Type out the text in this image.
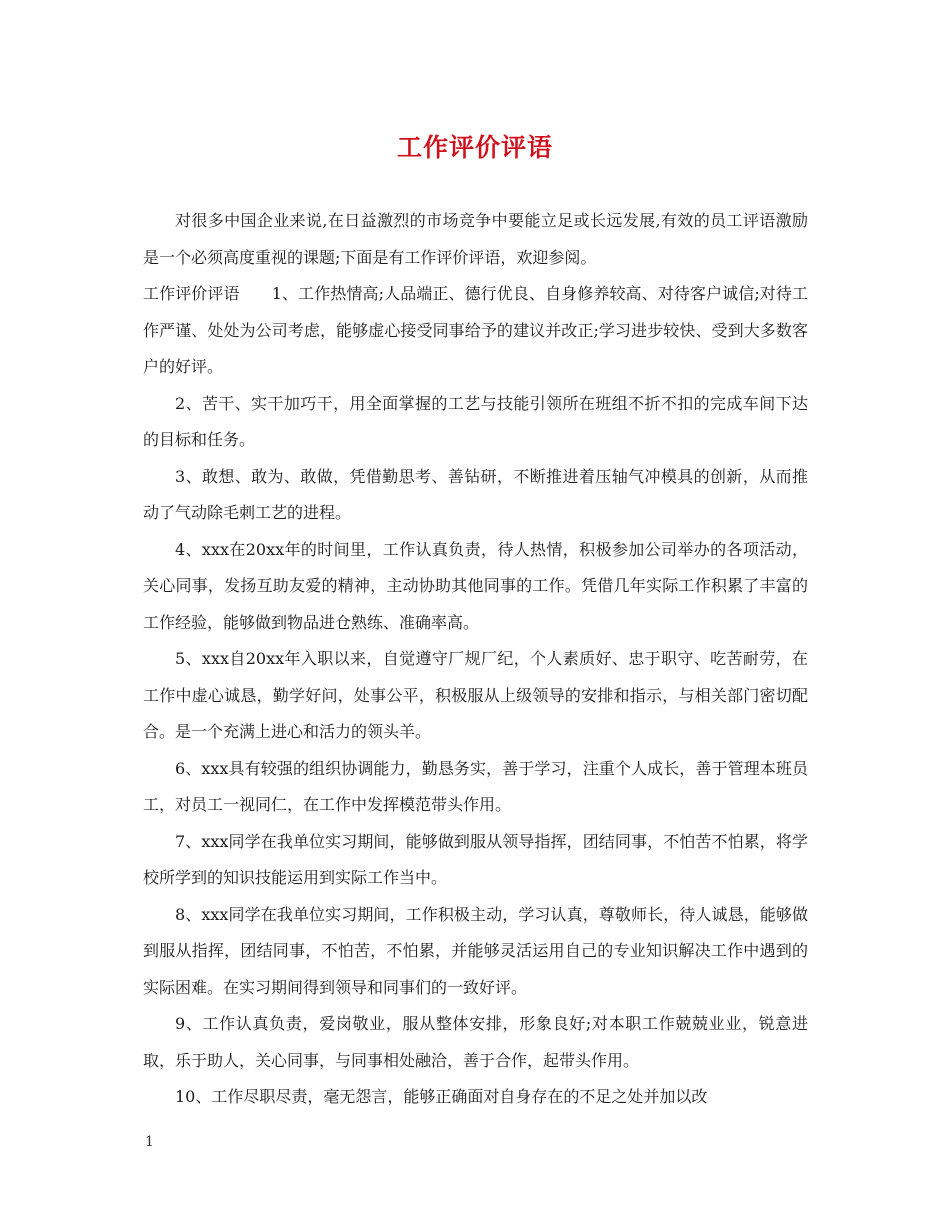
工作评价评语

对很多中国企业来说,在日益激烈的市场竞争中要能立足或长远发展,有效的员工评语激励是一个必须高度重视的课题;下面是有工作评价评语，欢迎参阅。

工作评价评语　　1、工作热情高;人品端正、德行优良、自身修养较高、对待客户诚信;对待工作严谨、处处为公司考虑，能够虚心接受同事给予的建议并改正;学习进步较快、受到大多数客户的好评。

2、苦干、实干加巧干，用全面掌握的工艺与技能引领所在班组不折不扣的完成车间下达的目标和任务。

3、敢想、敢为、敢做，凭借勤思考、善钻研，不断推进着压轴气冲模具的创新，从而推动了气动除毛刺工艺的进程。

4、xxx在20xx年的时间里，工作认真负责，待人热情，积极参加公司举办的各项活动，关心同事，发扬互助友爱的精神，主动协助其他同事的工作。凭借几年实际工作积累了丰富的工作经验，能够做到物品进仓熟练、准确率高。

5、xxx自20xx年入职以来，自觉遵守厂规厂纪，个人素质好、忠于职守、吃苦耐劳，在工作中虚心诚恳，勤学好问，处事公平，积极服从上级领导的安排和指示，与相关部门密切配合。是一个充满上进心和活力的领头羊。

6、xxx具有较强的组织协调能力，勤恳务实，善于学习，注重个人成长，善于管理本班员工，对员工一视同仁，在工作中发挥模范带头作用。

7、xxx同学在我单位实习期间，能够做到服从领导指挥，团结同事，不怕苦不怕累，将学校所学到的知识技能运用到实际工作当中。

8、xxx同学在我单位实习期间，工作积极主动，学习认真，尊敬师长，待人诚恳，能够做到服从指挥，团结同事，不怕苦，不怕累，并能够灵活运用自己的专业知识解决工作中遇到的实际困难。在实习期间得到领导和同事们的一致好评。

9、工作认真负责，爱岗敬业，服从整体安排，形象良好;对本职工作兢兢业业，锐意进取，乐于助人，关心同事，与同事相处融洽，善于合作，起带头作用。

10、工作尽职尽责，毫无怨言，能够正确面对自身存在的不足之处并加以改

1
